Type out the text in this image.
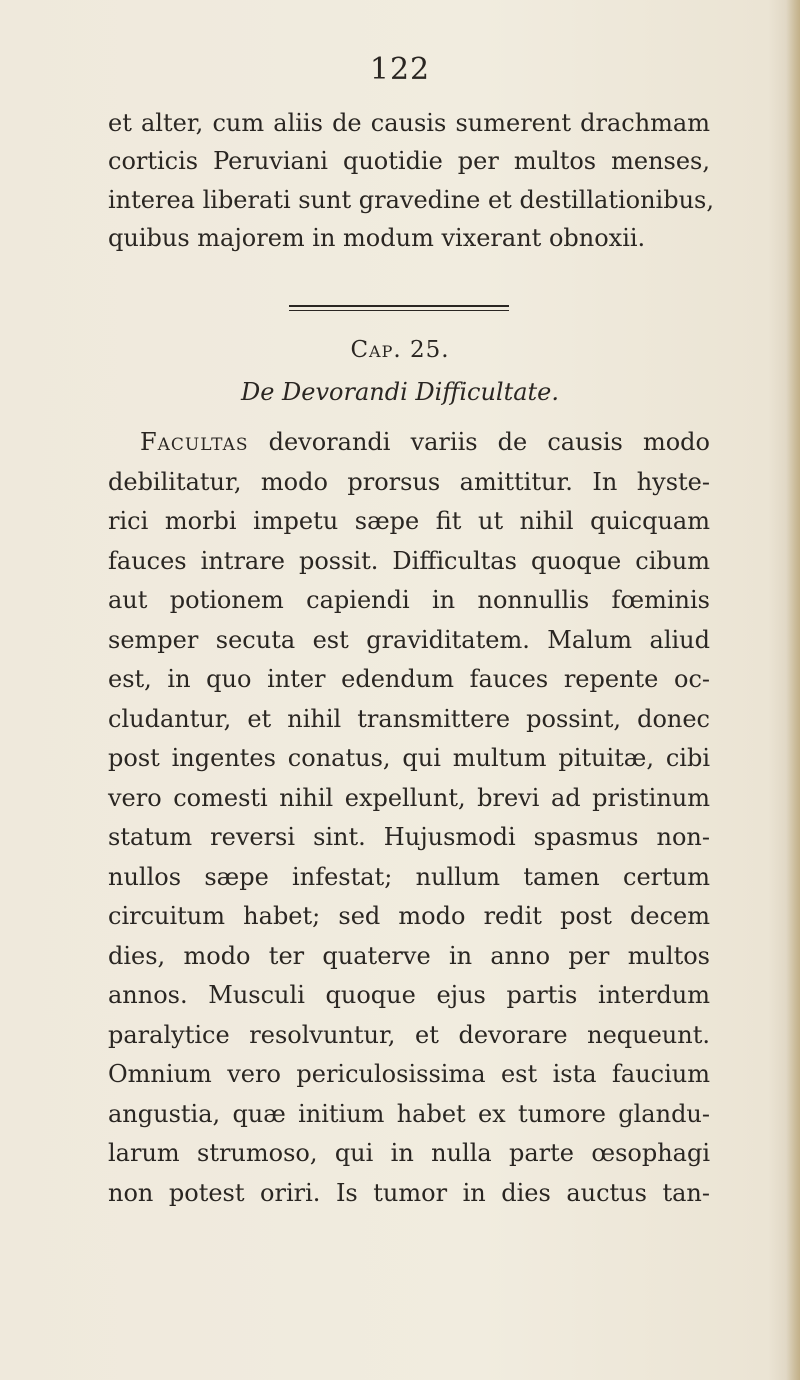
122
et alter, cum aliis de causis sumerent drachmam
corticis Peruviani quotidie per multos menses,
interea liberati sunt gravedine et destillationibus,
quibus majorem in modum vixerant obnoxii.
Cap. 25.
De Devorandi Difficultate.
Facultas devorandi variis de causis modo
debilitatur, modo prorsus amittitur. In hyste-
rici morbi impetu sæpe fit ut nihil quicquam
fauces intrare possit. Difficultas quoque cibum
aut potionem capiendi in nonnullis fœminis
semper secuta est graviditatem. Malum aliud
est, in quo inter edendum fauces repente oc-
cludantur, et nihil transmittere possint, donec
post ingentes conatus, qui multum pituitæ, cibi
vero comesti nihil expellunt, brevi ad pristinum
statum reversi sint. Hujusmodi spasmus non-
nullos sæpe infestat; nullum tamen certum
circuitum habet; sed modo redit post decem
dies, modo ter quaterve in anno per multos
annos. Musculi quoque ejus partis interdum
paralytice resolvuntur, et devorare nequeunt.
Omnium vero periculosissima est ista faucium
angustia, quæ initium habet ex tumore glandu-
larum strumoso, qui in nulla parte œsophagi
non potest oriri. Is tumor in dies auctus tan-
